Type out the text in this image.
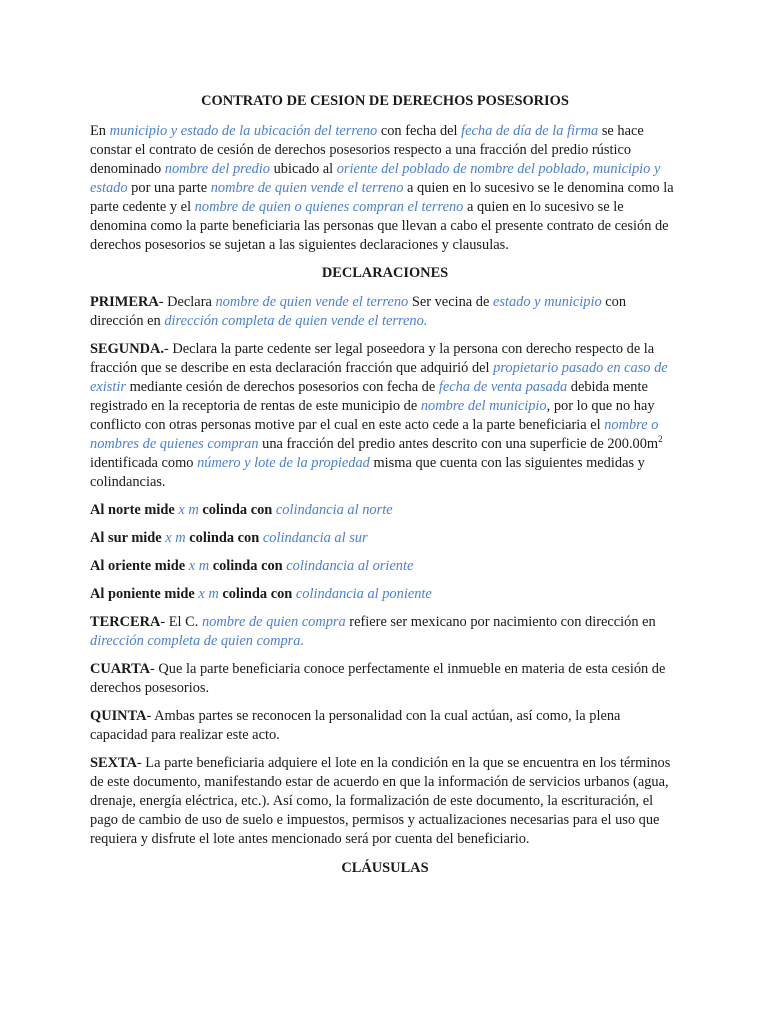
CONTRATO DE CESION DE DERECHOS POSESORIOS

En municipio y estado de la ubicación del terreno con fecha del fecha de día de la firma se hace constar el contrato de cesión de derechos posesorios respecto a una fracción del predio rústico denominado nombre del predio ubicado al oriente del poblado de nombre del poblado, municipio y estado por una parte nombre de quien vende el terreno a quien en lo sucesivo se le denomina como la parte cedente y el nombre de quien o quienes compran el terreno a quien en lo sucesivo se le denomina como la parte beneficiaria las personas que llevan a cabo el presente contrato de cesión de derechos posesorios se sujetan a las siguientes declaraciones y clausulas.

DECLARACIONES

PRIMERA- Declara nombre de quien vende el terreno Ser vecina de estado y municipio con dirección en dirección completa de quien vende el terreno.

SEGUNDA.- Declara la parte cedente ser legal poseedora y la persona con derecho respecto de la fracción que se describe en esta declaración fracción que adquirió del propietario pasado en caso de existir mediante cesión de derechos posesorios con fecha de fecha de venta pasada debida mente registrado en la receptoria de rentas de este municipio de nombre del municipio, por lo que no hay conflicto con otras personas motive par el cual en este acto cede a la parte beneficiaria el nombre o nombres de quienes compran una fracción del predio antes descrito con una superficie de $200.00m^2$ identificada como número y lote de la propiedad misma que cuenta con las siguientes medidas y colindancias.

Al norte mide x m colinda con colindancia al norte

Al sur mide x m colinda con colindancia al sur

Al oriente mide x m colinda con colindancia al oriente

Al poniente mide x m colinda con colindancia al poniente

TERCERA- El C. nombre de quien compra refiere ser mexicano por nacimiento con dirección en dirección completa de quien compra.

CUARTA- Que la parte beneficiaria conoce perfectamente el inmueble en materia de esta cesión de derechos posesorios.

QUINTA- Ambas partes se reconocen la personalidad con la cual actúan, así como, la plena capacidad para realizar este acto.

SEXTA- La parte beneficiaria adquiere el lote en la condición en la que se encuentra en los términos de este documento, manifestando estar de acuerdo en que la información de servicios urbanos (agua, drenaje, energía eléctrica, etc.). Así como, la formalización de este documento, la escrituración, el pago de cambio de uso de suelo e impuestos, permisos y actualizaciones necesarias para el uso que requiera y disfrute el lote antes mencionado será por cuenta del beneficiario.

CLÁUSULAS
